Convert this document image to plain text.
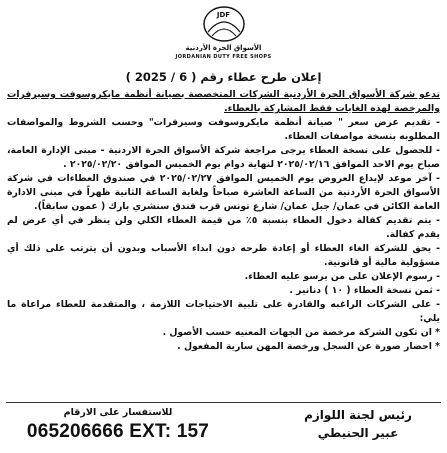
JDF
الأسواق الحرة الأردنية
JORDANIAN DUTY FREE SHOPS
إعلان طرح عطاء رقم ( 6 / 2025 )

تدعو شركة الأسواق الحرة الأردنية الشركات المتخصصة بصيانة أنظمة مايكروسوفت وسيرفرات والمرخصة لهذه الغايات فقط المشاركة بالعطاء.

- تقديم عرض سعر " صيانة أنظمة مايكروسوفت وسيرفرات" وحسب الشروط والمواصفات المطلوبه بنسخة مواصفات العطاء.

- للحصول على نسخة العطاء يرجى مراجعة شركة الأسواق الحرة الاردنية - مبنى الإدارة العامة، صباح يوم الاحد الموافق ٢٠٢٥/٠٢/١٦ لنهاية دوام يوم الخميس الموافق ٢٠٢٥/٠٢/٢٠ .

- آخر موعد لإيداع العروض يوم الخميس الموافق ٢٠٢٥/٠٢/٢٧ في صندوق العطاءات في شركة الأسواق الحرة الأردنية من الساعة العاشرة صباحاً ولغاية الساعة الثانية ظهراً في مبنى الادارة العامة الكائن في عمان/ جبل عمان/ شارع تونس قرب فندق سنشري بارك ( عمون سابقاً).

- يتم تقديم كفالة دخول العطاء بنسبة ٥٪ من قيمة العطاء الكلي ولن ينظر في أي عرض لم يقدم كفالة.

- يحق للشركة الغاء العطاء أو إعادة طرحه دون ابداء الأسباب وبدون أن يترتب على ذلك أي مسؤولية مالية أو قانونية.

- رسوم الإعلان على من يرسو عليه العطاء.

- ثمن نسخة العطاء ( ١٠ ) دنانير .

- على الشركات الراغبه والقادرة على تلبية الاحتياجات اللازمة ، والمتقدمة للعطاء مراعاة ما يلي:

* ان تكون الشركة مرخصة من الجهات المعنيه حسب الأصول .

* احضار صورة عن السجل ورخصة المهن سارية المفعول .

رئيس لجنة اللوازم
عبير الحنيطي
للاستفسار على الارقام
065206666 EXT: 157
